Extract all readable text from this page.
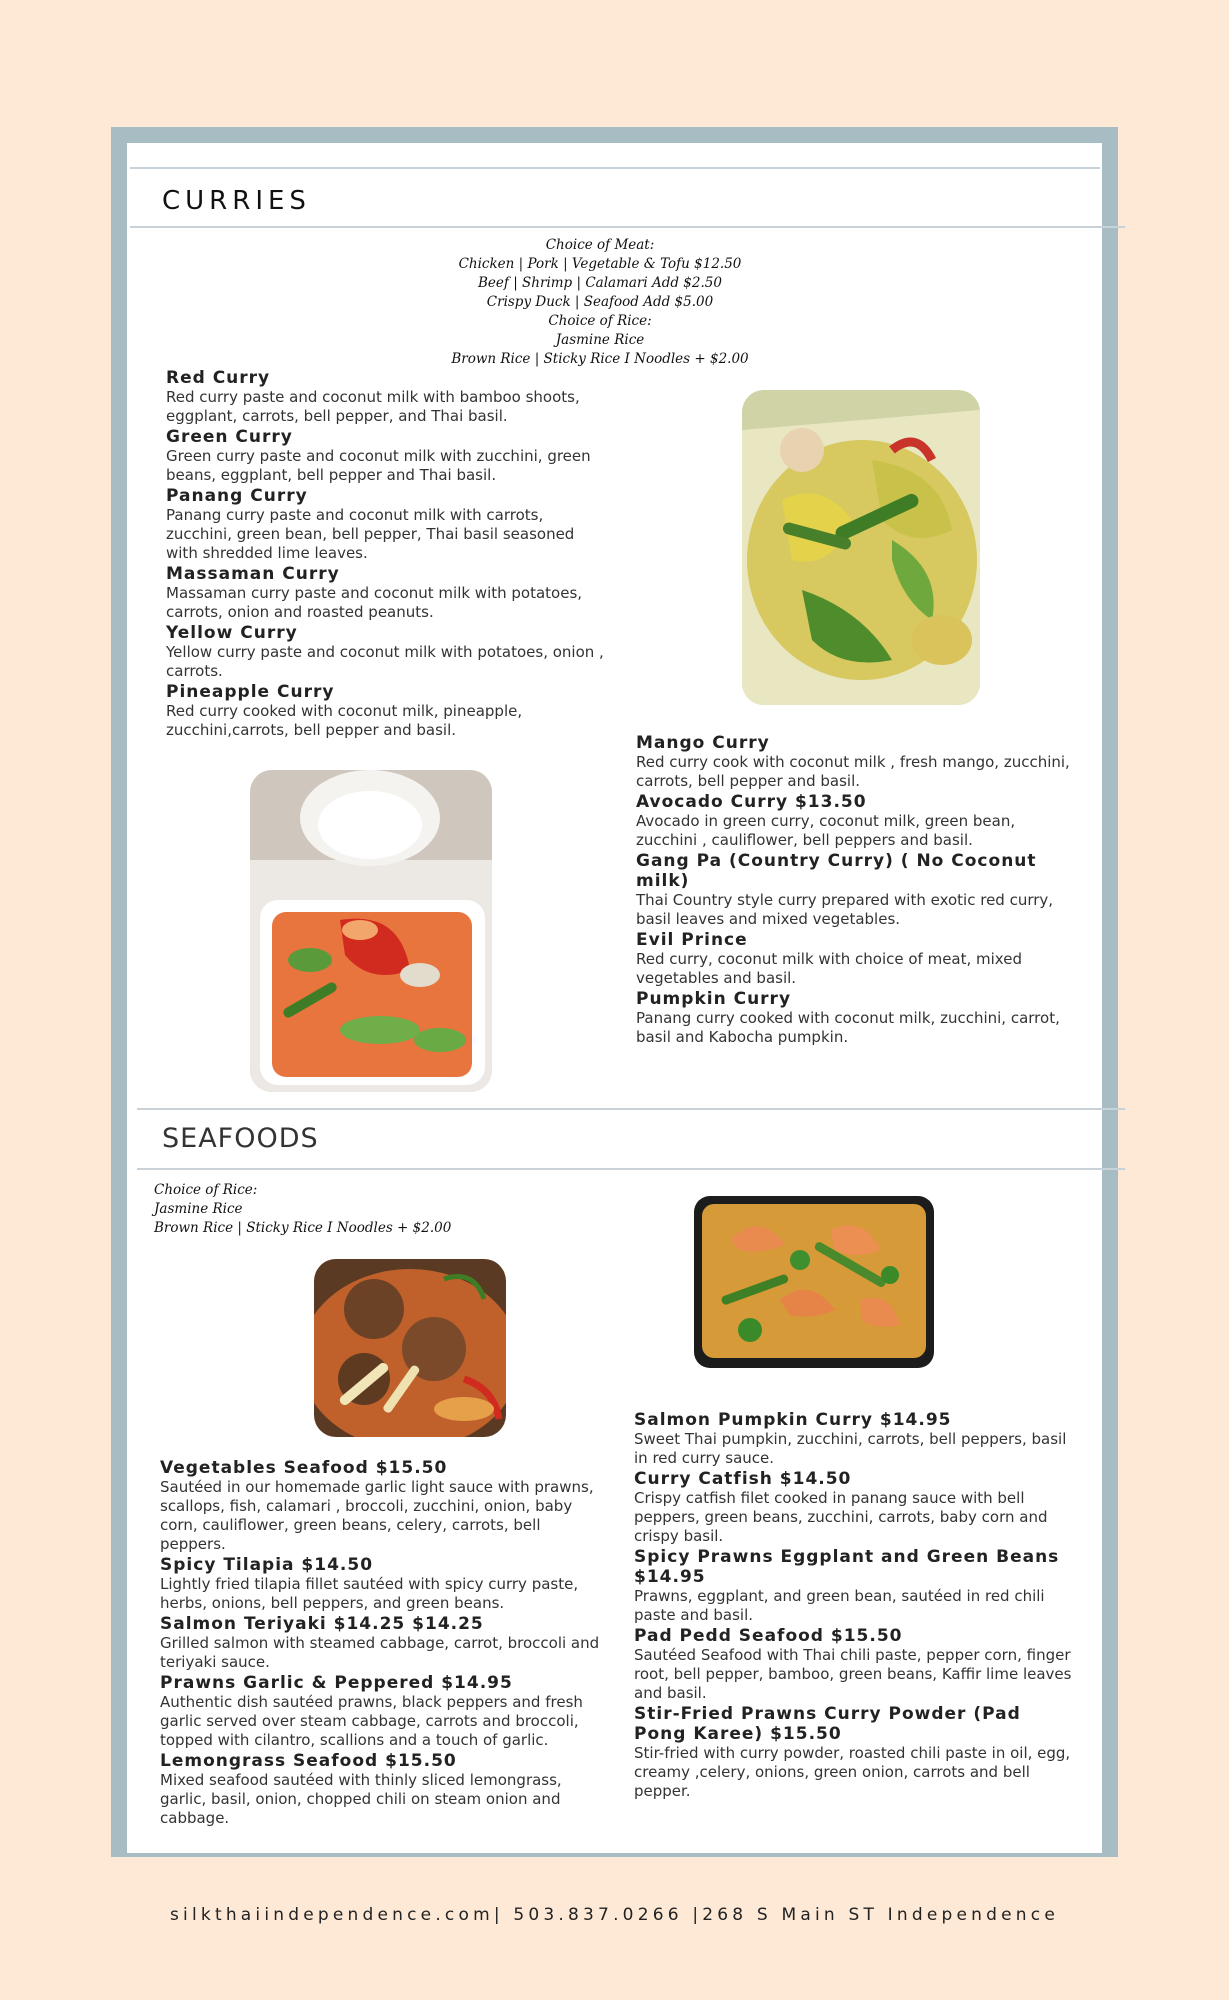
CURRIES
Choice of Meat:
Chicken | Pork | Vegetable & Tofu $12.50
Beef | Shrimp | Calamari Add $2.50
Crispy Duck | Seafood Add $5.00
Choice of Rice:
Jasmine Rice
Brown Rice | Sticky Rice I Noodles + $2.00
Red Curry
Red curry paste and coconut milk with bamboo shoots, eggplant, carrots, bell pepper, and Thai basil.
Green Curry
Green curry paste and coconut milk with zucchini, green beans, eggplant, bell pepper and Thai basil.
Panang Curry
Panang curry paste and coconut milk with carrots, zucchini, green bean, bell pepper, Thai basil seasoned with shredded lime leaves.
Massaman Curry
Massaman curry paste and coconut milk with potatoes, carrots, onion and roasted peanuts.
Yellow Curry
Yellow curry paste and coconut milk with potatoes, onion , carrots.
Pineapple Curry
Red curry cooked with coconut milk, pineapple, zucchini,carrots, bell pepper and basil.
Mango Curry
Red curry cook with coconut milk , fresh mango, zucchini, carrots, bell pepper and basil.
Avocado Curry $13.50
Avocado in green curry, coconut milk, green bean, zucchini , cauliflower, bell peppers and basil.
Gang Pa (Country Curry) ( No Coconut milk)
Thai Country style curry prepared with exotic red curry, basil leaves and mixed vegetables.
Evil Prince
Red curry, coconut milk with choice of meat, mixed vegetables and basil.
Pumpkin Curry
Panang curry cooked with coconut milk, zucchini, carrot, basil and Kabocha pumpkin.
SEAFOODS
Choice of Rice:
Jasmine Rice
Brown Rice | Sticky Rice I Noodles + $2.00
Vegetables Seafood $15.50
Sautéed in our homemade garlic light sauce with prawns, scallops, fish, calamari , broccoli, zucchini, onion, baby corn, cauliflower, green beans, celery, carrots, bell peppers.
Spicy Tilapia $14.50
Lightly fried tilapia fillet sautéed with spicy curry paste, herbs, onions, bell peppers, and green beans.
Salmon Teriyaki $14.25 $14.25
Grilled salmon with steamed cabbage, carrot, broccoli and teriyaki sauce.
Prawns Garlic & Peppered $14.95
Authentic dish sautéed prawns, black peppers and fresh garlic served over steam cabbage, carrots and broccoli, topped with cilantro, scallions and a touch of garlic.
Lemongrass Seafood $15.50
Mixed seafood sautéed with thinly sliced lemongrass, garlic, basil, onion, chopped chili on steam onion and cabbage.
Salmon Pumpkin Curry $14.95
Sweet Thai pumpkin, zucchini, carrots, bell peppers, basil in red curry sauce.
Curry Catfish $14.50
Crispy catfish filet cooked in panang sauce with bell peppers, green beans, zucchini, carrots, baby corn and crispy basil.
Spicy Prawns Eggplant and Green Beans $14.95
Prawns, eggplant, and green bean, sautéed in red chili paste and basil.
Pad Pedd Seafood $15.50
Sautéed Seafood with Thai chili paste, pepper corn, finger root, bell pepper, bamboo, green beans, Kaffir lime leaves and basil.
Stir-Fried Prawns Curry Powder (Pad Pong Karee) $15.50
Stir-fried with curry powder, roasted chili paste in oil, egg, creamy ,celery, onions, green onion, carrots and bell pepper.
silkthaiindependence.com| 503.837.0266 |268 S Main ST Independence
